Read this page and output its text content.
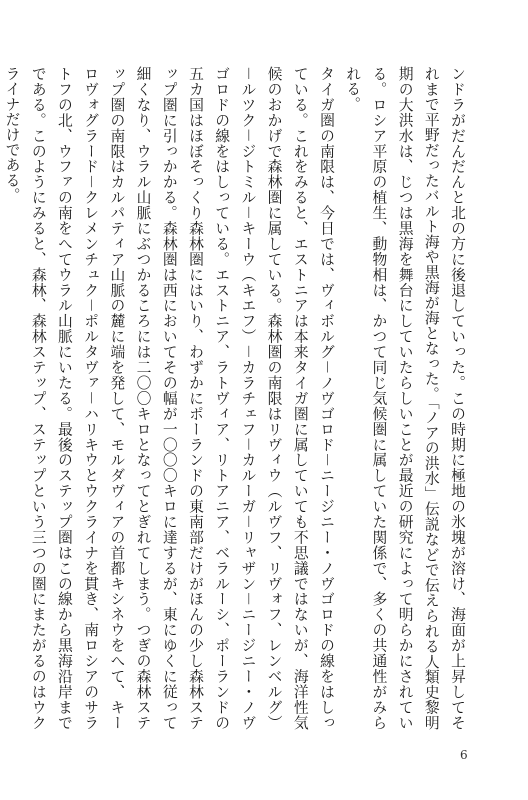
ンドラがだんだんと北の方に後退していった。この時期に極地の氷塊が溶け、海面が上昇してそれまで平野だったバルト海や黒海が海となった。「ノアの洪水」伝説などで伝えられる人類史黎明期の大洪水は、じつは黒海を舞台にしていたらしいことが最近の研究によって明らかにされている。ロシア平原の植生、動物相は、かつて同じ気候圏に属していた関係で、多くの共通性がみられる。

タイガ圏の南限は、今日では、ヴィボルグ－ノヴゴロド－ニージニー・ノヴゴロドの線をはしっている。これをみると、エストニアは本来タイガ圏に属していても不思議ではないが、海洋性気候のおかげで森林圏に属している。森林圏の南限はリヴィウ（ルヴフ、リヴォフ、レンベルグ）－ルツク－ジトミル－キーウ（キエフ）－カラチェフ－カルーガ－リャザン－ニージニー・ノヴゴロドの線をはしっている。エストニア、ラトヴィア、リトアニア、ベラルーシ、ポーランドの五カ国はほぼそっくり森林圏にはいり、わずかにポーランドの東南部だけがほんの少し森林ステップ圏に引っかかる。森林圏は西においてその幅が一〇〇〇キロに達するが、東にゆくに従って細くなり、ウラル山脈にぶつかるころには二〇〇キロとなってとぎれてしまう。つぎの森林ステップ圏の南限はカルパティア山脈の麓に端を発して、モルダヴィアの首都キシネウをへて、キーロヴォグラード－クレメンチュク－ポルタヴァ－ハリキウとウクライナを貫き、南ロシアのサラトフの北、ウファの南をへてウラル山脈にいたる。最後のステップ圏はこの線から黒海沿岸までである。このようにみると、森林、森林ステップ、ステップという三つの圏にまたがるのはウクライナだけである。

6
